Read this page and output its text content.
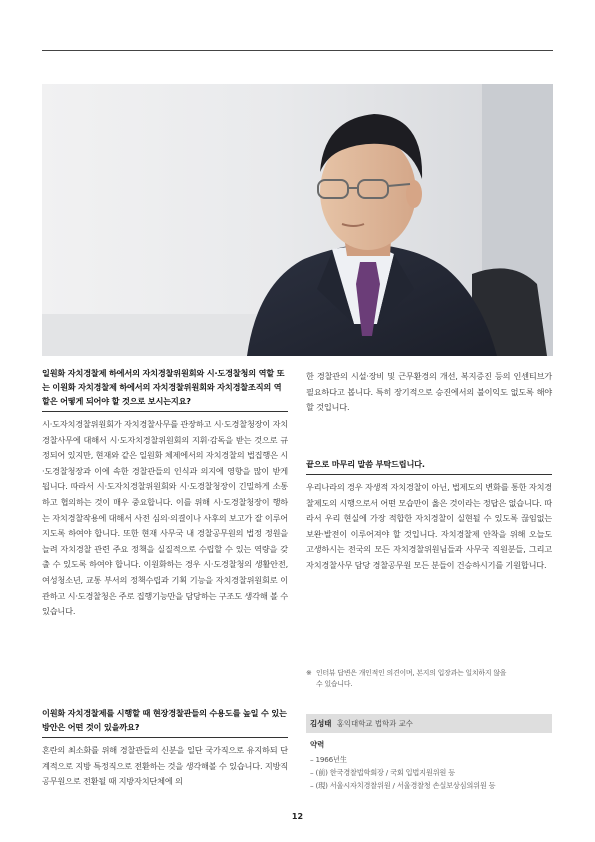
일원화 자치경찰제 하에서의 자치경찰위원회와 시·도경찰청의 역할 또는 이원화 자치경찰제 하에서의 자치경찰위원회와 자치경찰조직의 역할은 어떻게 되어야 할 것으로 보시는지요?
시·도자치경찰위원회가 자치경찰사무를 관장하고 시·도경찰청장이 자치경찰사무에 대해서 시·도자치경찰위원회의 지휘·감독을 받는 것으로 규정되어 있지만, 현재와 같은 일원화 체제에서의 자치경찰의 법집행은 시·도경찰청장과 이에 속한 경찰관들의 인식과 의지에 영향을 많이 받게 됩니다. 따라서 시·도자치경찰위원회와 시·도경찰청장이 긴밀하게 소통하고 협의하는 것이 매우 중요합니다. 이를 위해 시·도경찰청장이 행하는 자치경찰작용에 대해서 사전 심의·의결이나 사후의 보고가 잘 이루어지도록 하여야 합니다. 또한 현재 사무국 내 경찰공무원의 법정 정원을 늘려 자치경찰 관련 주요 정책을 실질적으로 수립할 수 있는 역량을 갖출 수 있도록 하여야 합니다. 이원화하는 경우 시·도경찰청의 생활안전, 여성청소년, 교통 부서의 정책수립과 기획 기능을 자치경찰위원회로 이관하고 시·도경찰청은 주로 집행기능만을 담당하는 구조도 생각해 볼 수 있습니다.
이원화 자치경찰제를 시행할 때 현장경찰관들의 수용도를 높일 수 있는 방안은 어떤 것이 있을까요?
혼란의 최소화를 위해 경찰관들의 신분을 일단 국가직으로 유지하되 단계적으로 지방 특정직으로 전환하는 것을 생각해볼 수 있습니다. 지방직 공무원으로 전환될 때 지방자치단체에 의
한 경찰관의 시설·장비 및 근무환경의 개선, 복지증진 등의 인센티브가 필요하다고 봅니다. 특히 장기적으로 승진에서의 불이익도 없도록 해야 할 것입니다.
끝으로 마무리 말씀 부탁드립니다.
우리나라의 경우 자생적 자치경찰이 아닌, 법제도의 변화를 통한 자치경찰제도의 시행으로서 어떤 모습만이 옳은 것이라는 정답은 없습니다. 따라서 우리 현실에 가장 적합한 자치경찰이 실현될 수 있도록 끊임없는 보완·발전이 이루어져야 할 것입니다. 자치경찰제 안착을 위해 오늘도 고생하시는 전국의 모든 자치경찰위원님들과 사무국 직원분들, 그리고 자치경찰사무 담당 경찰공무원 모든 분들이 건승하시기를 기원합니다.
※ 인터뷰 답변은 개인적인 의견이며, 본지의 입장과는 일치하지 않을
수 있습니다.
김성태 홍익대학교 법학과 교수
약력
– 1966년生
– (前) 한국경찰법학회장 / 국회 입법지원위원 등
– (現) 서울시자치경찰위원 / 서울경찰청 손실보상심의위원 등
12
